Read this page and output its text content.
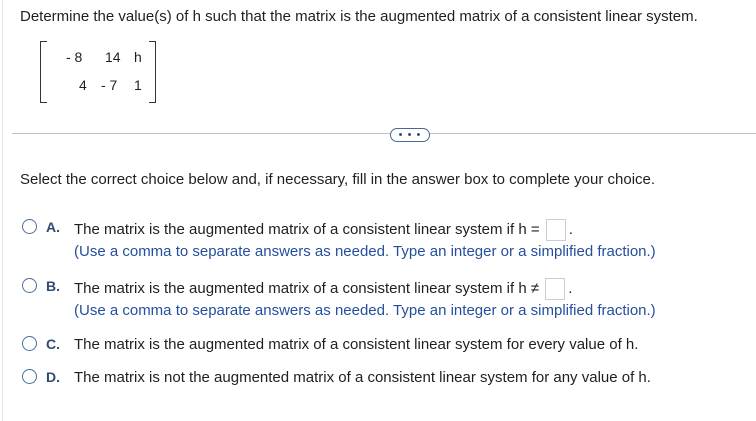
Determine the value(s) of h such that the matrix is the augmented matrix of a consistent linear system.
- 8 14 h
4 - 7 1
• • •
Select the correct choice below and, if necessary, fill in the answer box to complete your choice.
A. The matrix is the augmented matrix of a consistent linear system if h = .
(Use a comma to separate answers as needed. Type an integer or a simplified fraction.)
B. The matrix is the augmented matrix of a consistent linear system if h ≠ .
(Use a comma to separate answers as needed. Type an integer or a simplified fraction.)
C. The matrix is the augmented matrix of a consistent linear system for every value of h.
D. The matrix is not the augmented matrix of a consistent linear system for any value of h.
